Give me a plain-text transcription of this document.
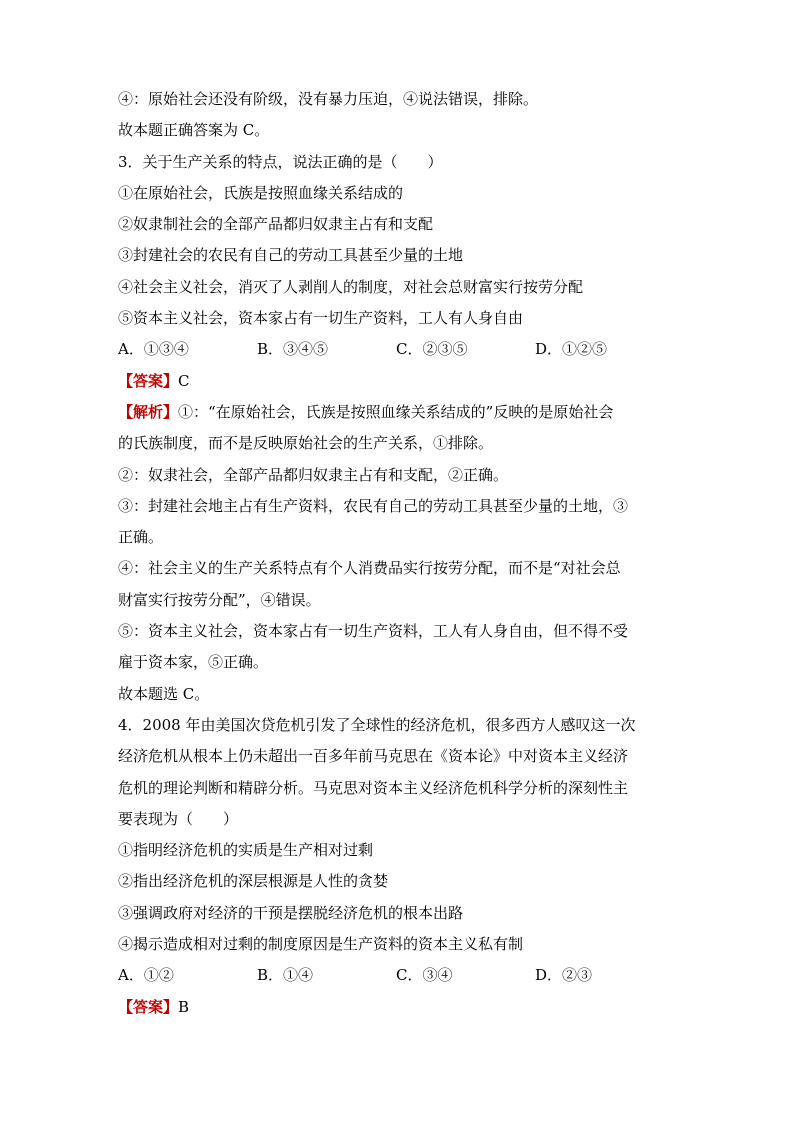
④：原始社会还没有阶级，没有暴力压迫，④说法错误，排除。
故本题正确答案为 C。
3．关于生产关系的特点，说法正确的是（　　）
①在原始社会，氏族是按照血缘关系结成的
②奴隶制社会的全部产品都归奴隶主占有和支配
③封建社会的农民有自己的劳动工具甚至少量的土地
④社会主义社会，消灭了人剥削人的制度，对社会总财富实行按劳分配
⑤资本主义社会，资本家占有一切生产资料，工人有人身自由
A．①③④	B．③④⑤	C．②③⑤	D．①②⑤
【答案】C
【解析】①：“在原始社会，氏族是按照血缘关系结成的”反映的是原始社会
的氏族制度，而不是反映原始社会的生产关系，①排除。
②：奴隶社会，全部产品都归奴隶主占有和支配，②正确。
③：封建社会地主占有生产资料，农民有自己的劳动工具甚至少量的土地，③
正确。
④：社会主义的生产关系特点有个人消费品实行按劳分配，而不是“对社会总
财富实行按劳分配”，④错误。
⑤：资本主义社会，资本家占有一切生产资料，工人有人身自由，但不得不受
雇于资本家，⑤正确。
故本题选 C。
4．2008 年由美国次贷危机引发了全球性的经济危机，很多西方人感叹这一次
经济危机从根本上仍未超出一百多年前马克思在《资本论》中对资本主义经济
危机的理论判断和精辟分析。马克思对资本主义经济危机科学分析的深刻性主
要表现为（　　）
①指明经济危机的实质是生产相对过剩
②指出经济危机的深层根源是人性的贪婪
③强调政府对经济的干预是摆脱经济危机的根本出路
④揭示造成相对过剩的制度原因是生产资料的资本主义私有制
A．①②	B．①④	C．③④	D．②③
【答案】B
